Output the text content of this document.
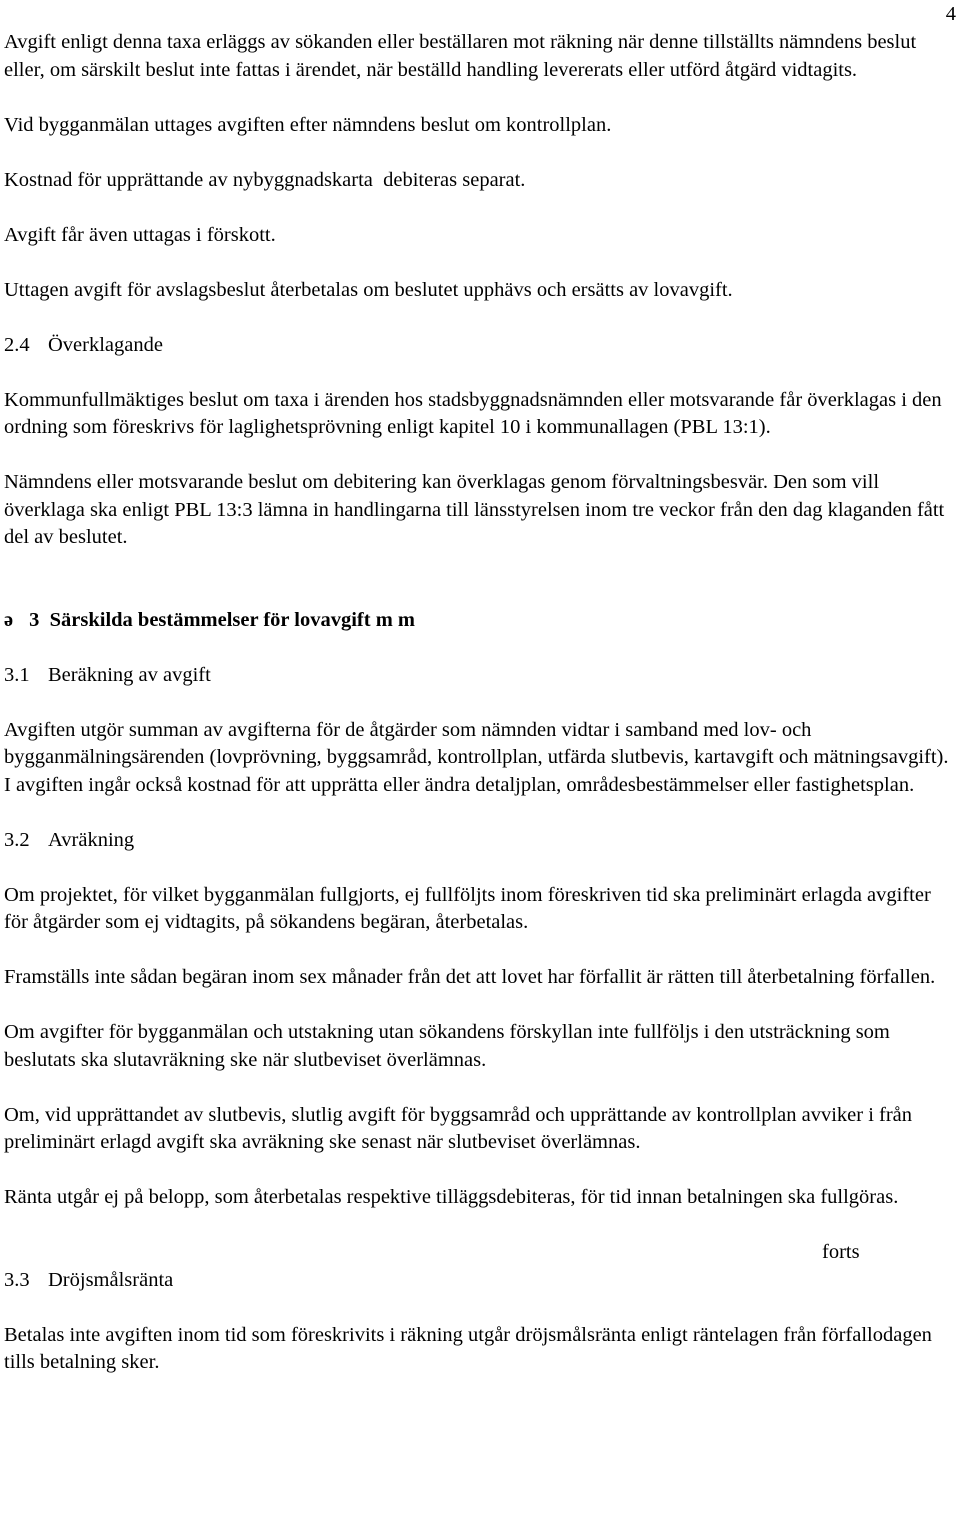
4

Avgift enligt denna taxa erläggs av sökanden eller beställaren mot räkning när denne tillställts nämndens beslut eller, om särskilt beslut inte fattas i ärendet, när beställd handling levererats eller utförd åtgärd vidtagits.

Vid bygganmälan uttages avgiften efter nämndens beslut om kontrollplan.

Kostnad för upprättande av nybyggnadskarta  debiteras separat.

Avgift får även uttagas i förskott.

Uttagen avgift för avslagsbeslut återbetalas om beslutet upphävs och ersätts av lovavgift.

2.4 Överklagande

Kommunfullmäktiges beslut om taxa i ärenden hos stadsbyggnadsnämnden eller motsvarande får överklagas i den ordning som föreskrivs för laglighetsprövning enligt kapitel 10 i kommunallagen (PBL 13:1).

Nämndens eller motsvarande beslut om debitering kan överklagas genom förvaltningsbesvär. Den som vill överklaga ska enligt PBL 13:3 lämna in handlingarna till länsstyrelsen inom tre veckor från den dag klaganden fått del av beslutet.

ə 3 Särskilda bestämmelser för lovavgift m m

3.1 Beräkning av avgift

Avgiften utgör summan av avgifterna för de åtgärder som nämnden vidtar i samband med lov- och bygganmälningsärenden (lovprövning, byggsamråd, kontrollplan, utfärda slutbevis, kartavgift och mätningsavgift). I avgiften ingår också kostnad för att upprätta eller ändra detaljplan, områdesbestämmelser eller fastighetsplan.

3.2 Avräkning

Om projektet, för vilket bygganmälan fullgjorts, ej fullföljts inom föreskriven tid ska preliminärt erlagda avgifter för åtgärder som ej vidtagits, på sökandens begäran, återbetalas.

Framställs inte sådan begäran inom sex månader från det att lovet har förfallit är rätten till återbetalning förfallen.

Om avgifter för bygganmälan och utstakning utan sökandens förskyllan inte fullföljs i den utsträckning som beslutats ska slutavräkning ske när slutbeviset överlämnas.

Om, vid upprättandet av slutbevis, slutlig avgift för byggsamråd och upprättande av kontrollplan avviker i från preliminärt erlagd avgift ska avräkning ske senast när slutbeviset överlämnas.

Ränta utgår ej på belopp, som återbetalas respektive tilläggsdebiteras, för tid innan betalningen ska fullgöras.

forts

3.3 Dröjsmålsränta

Betalas inte avgiften inom tid som föreskrivits i räkning utgår dröjsmålsränta enligt räntelagen från förfallodagen tills betalning sker.
